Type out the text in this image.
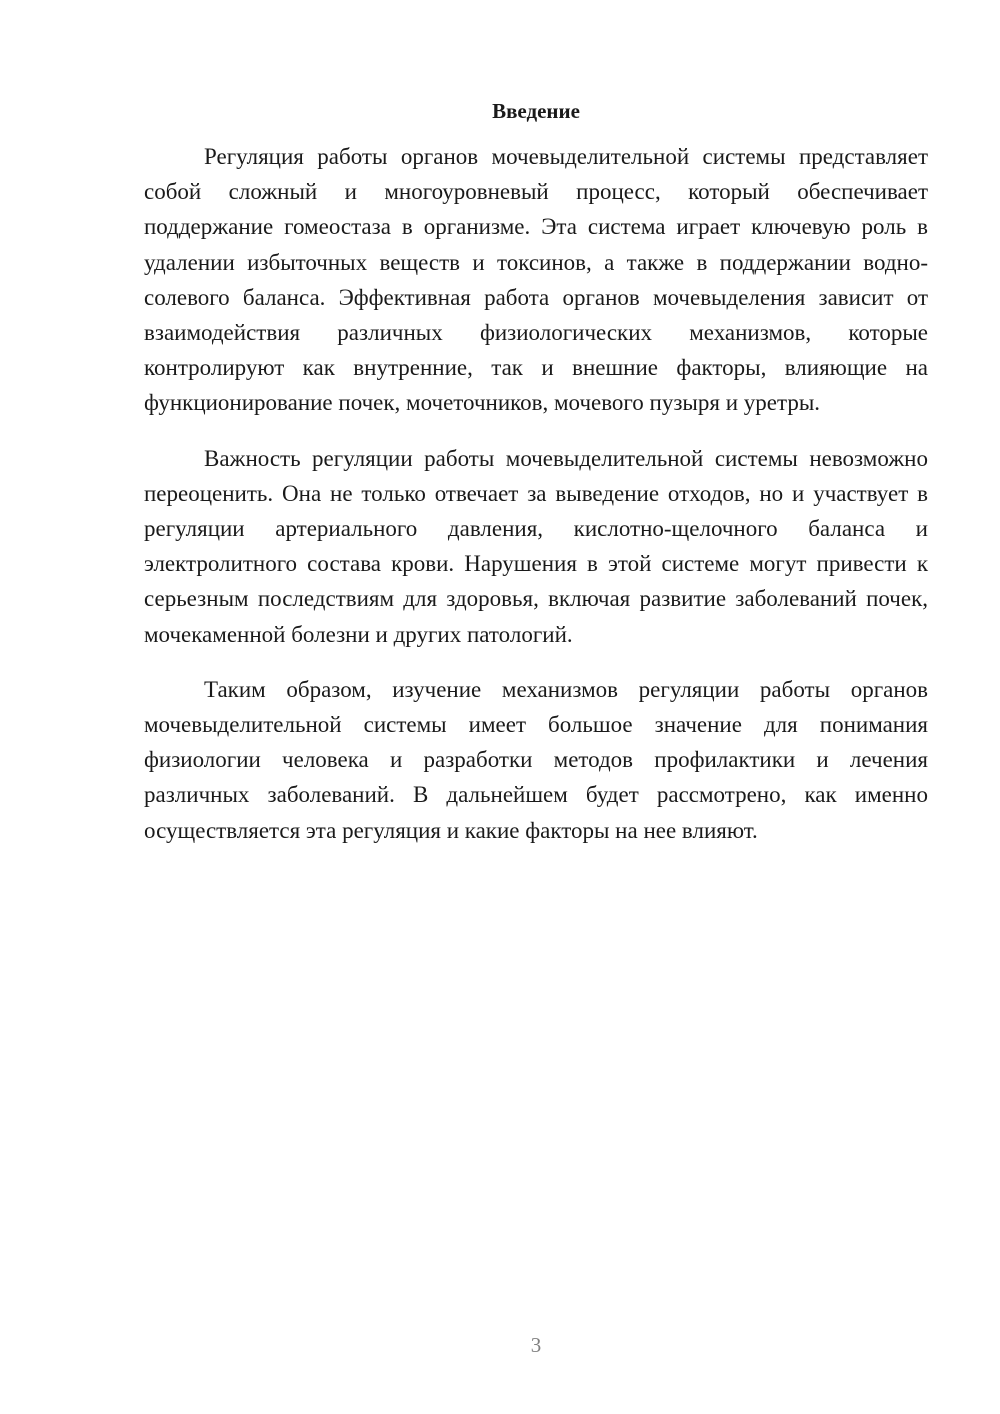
Введение

Регуляция работы органов мочевыделительной системы представляет собой сложный и многоуровневый процесс, который обеспечивает поддержание гомеостаза в организме. Эта система играет ключевую роль в удалении избыточных веществ и токсинов, а также в поддержании водно-солевого баланса. Эффективная работа органов мочевыделения зависит от взаимодействия различных физиологических механизмов, которые контролируют как внутренние, так и внешние факторы, влияющие на функционирование почек, мочеточников, мочевого пузыря и уретры.

Важность регуляции работы мочевыделительной системы невозможно переоценить. Она не только отвечает за выведение отходов, но и участвует в регуляции артериального давления, кислотно-щелочного баланса и электролитного состава крови. Нарушения в этой системе могут привести к серьезным последствиям для здоровья, включая развитие заболеваний почек, мочекаменной болезни и других патологий.

Таким образом, изучение механизмов регуляции работы органов мочевыделительной системы имеет большое значение для понимания физиологии человека и разработки методов профилактики и лечения различных заболеваний. В дальнейшем будет рассмотрено, как именно осуществляется эта регуляция и какие факторы на нее влияют.

3
